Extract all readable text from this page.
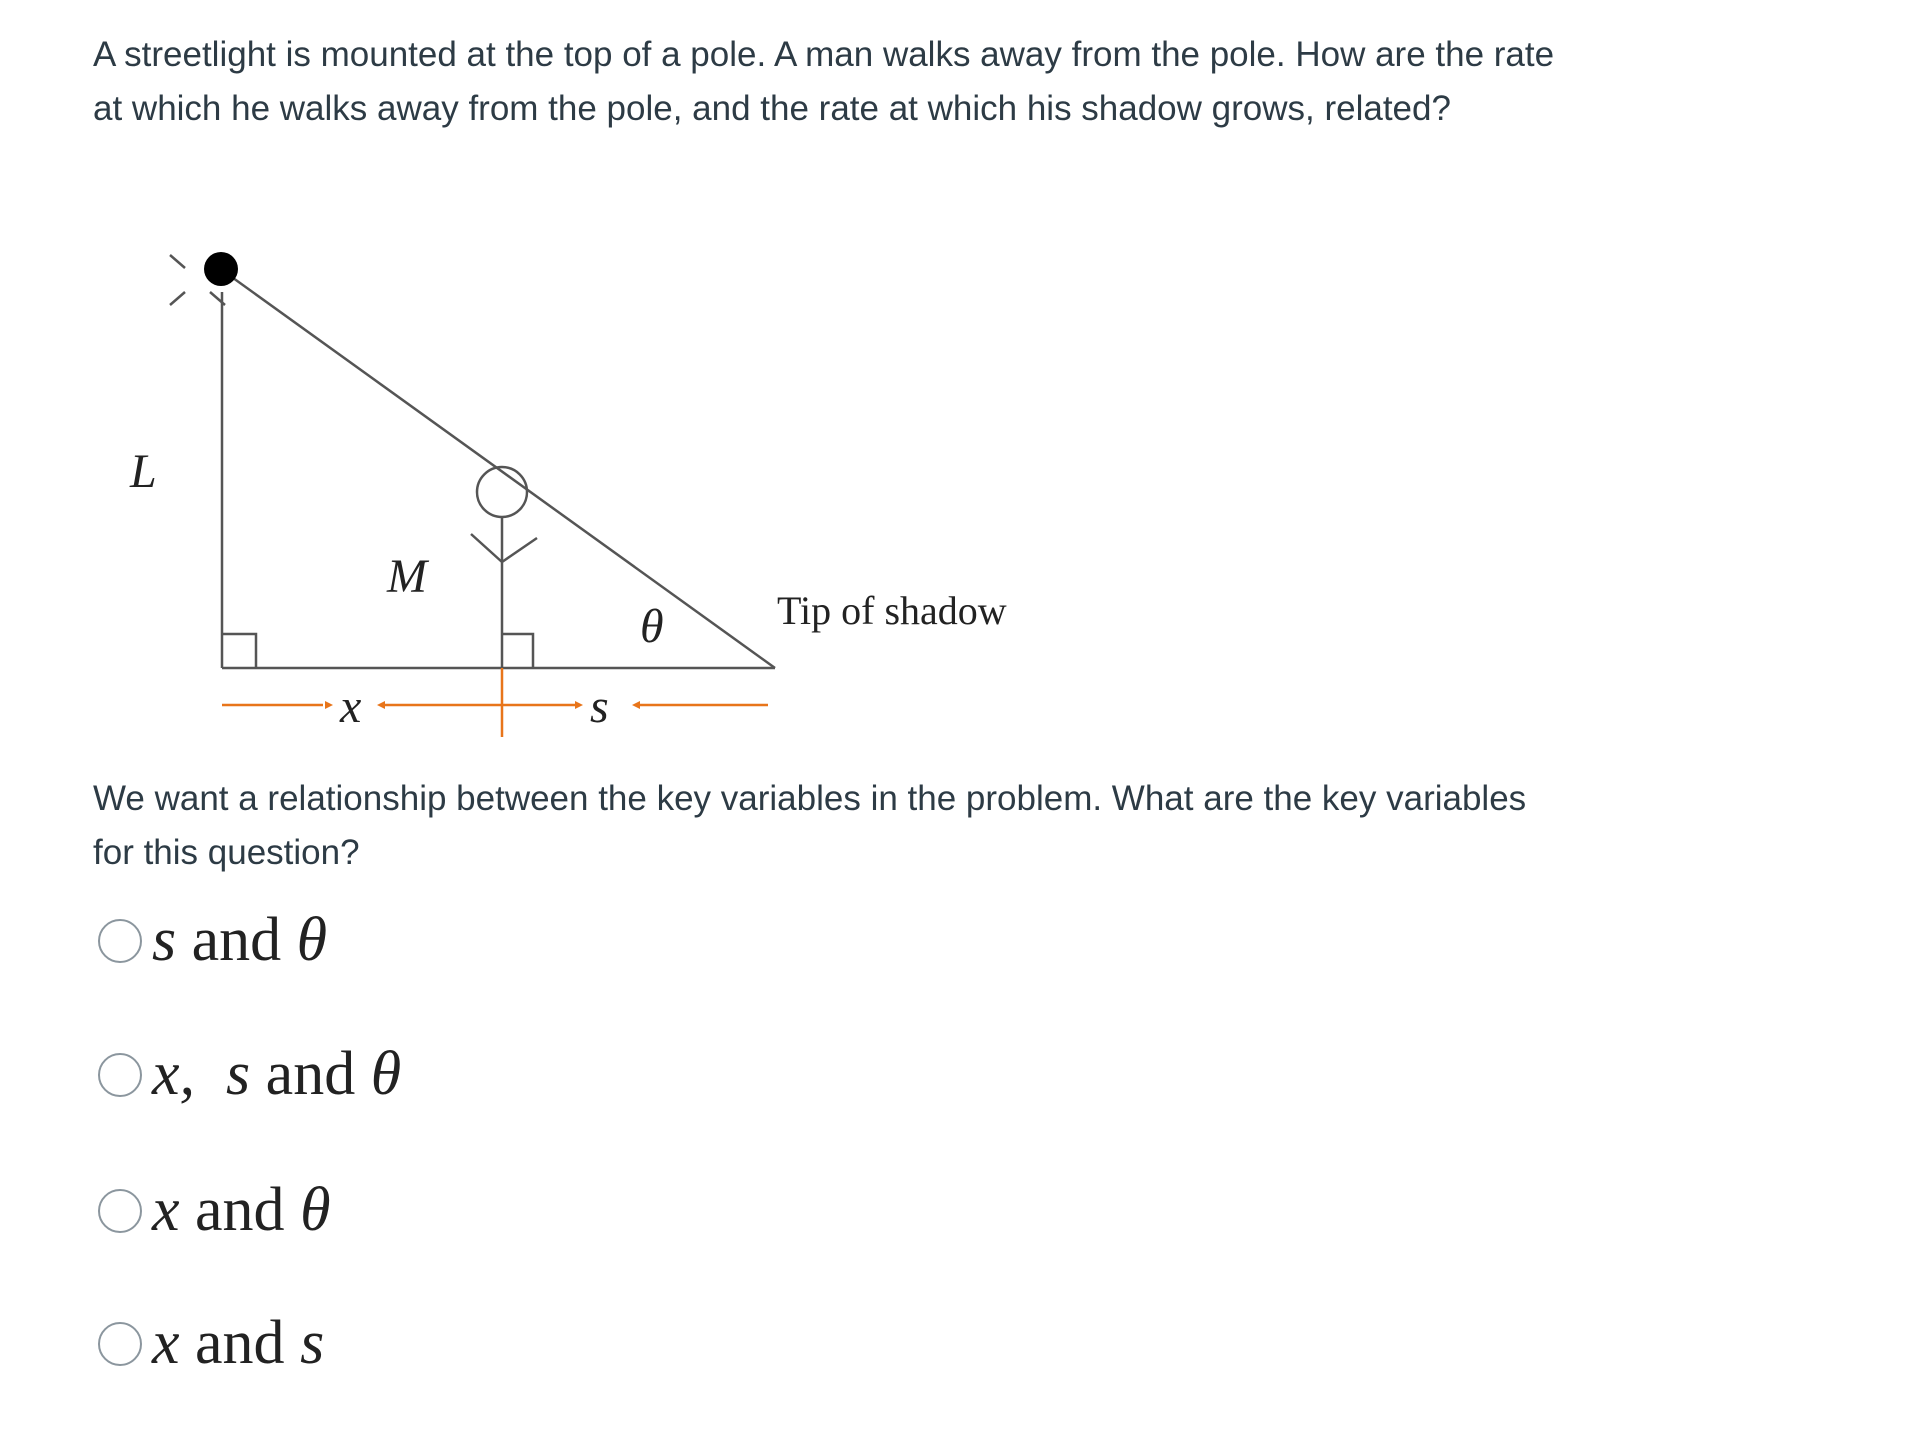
A streetlight is mounted at the top of a pole. A man walks away from the pole. How are the rate at which he walks away from the pole, and the rate at which his shadow grows, related?

L
M
θ	Tip of shadow
x	s

We want a relationship between the key variables in the problem. What are the key variables for this question?

s and θ
x, s and θ
x and θ
x and s
